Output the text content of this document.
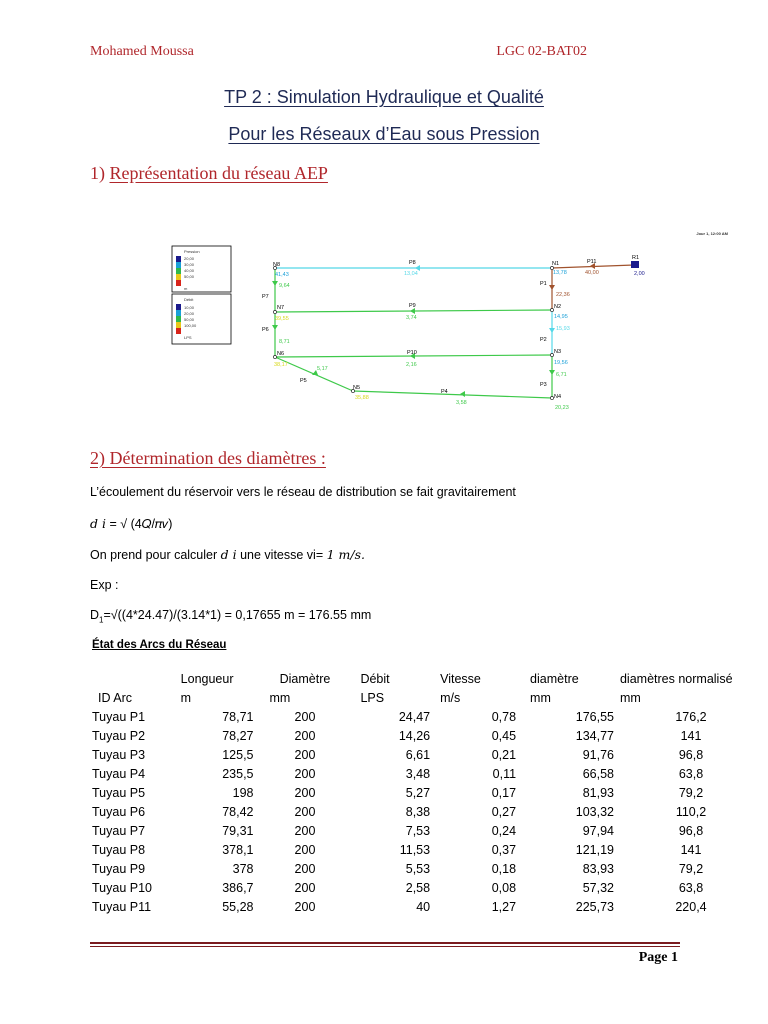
Mohamed Moussa	LGC 02-BAT02
TP 2 : Simulation Hydraulique et Qualité
Pour les Réseaux d’Eau sous Pression
1) Représentation du réseau AEP
Jour 1, 12:00 AM
Pression
20,00
30,00
40,00
50,00
m
Débit
10,00
20,00
50,00
100,00
LPS
N8	N1
R1
N7	N2
N6	N3
N5
N4
41,43	13,78	2,00
39,55	14,95
38,17	19,56
35,88
20,23
P8	P11
P1
P7
P9
P2
P6
P10
P3
P5
P4
13,04	40,00
22,36
9,64
3,74
15,93
8,71
2,16
6,71
5,17
3,58
2) Détermination des diamètres :
L’écoulement du réservoir vers le réseau de distribution se fait gravitairement
𝑑 𝑖 = √ (4𝑄/𝜋𝑣)
On prend pour calculer 𝑑 𝑖 une vitesse vi= 1 m/s.
Exp :
$D_1=√((4*24.47)/(3.14*1) = 0,17655$ m = 176.55 mm
État des Arcs du Réseau
	Longueur	Diamètre	Débit	Vitesse	diamètre	diamètres normalisé
ID Arc	m	mm	LPS	m/s	mm	mm
Tuyau P1	78,71	200	24,47	0,78	176,55	176,2
Tuyau P2	78,27	200	14,26	0,45	134,77	141
Tuyau P3	125,5	200	6,61	0,21	91,76	96,8
Tuyau P4	235,5	200	3,48	0,11	66,58	63,8
Tuyau P5	198	200	5,27	0,17	81,93	79,2
Tuyau P6	78,42	200	8,38	0,27	103,32	110,2
Tuyau P7	79,31	200	7,53	0,24	97,94	96,8
Tuyau P8	378,1	200	11,53	0,37	121,19	141
Tuyau P9	378	200	5,53	0,18	83,93	79,2
Tuyau P10	386,7	200	2,58	0,08	57,32	63,8
Tuyau P11	55,28	200	40	1,27	225,73	220,4
Page 1
